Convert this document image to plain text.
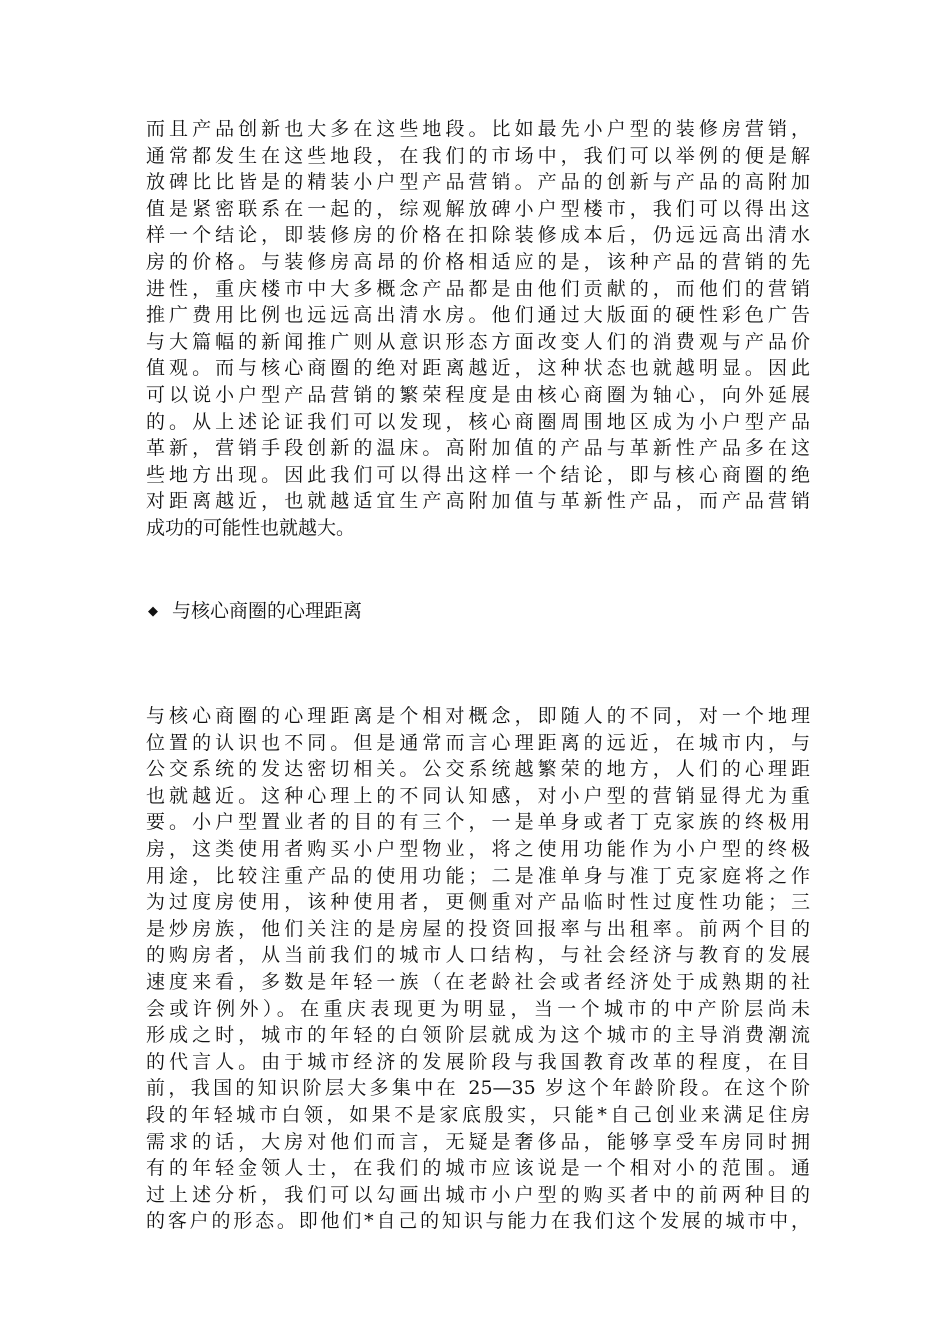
而且产品创新也大多在这些地段。比如最先小户型的装修房营销，
通常都发生在这些地段，在我们的市场中，我们可以举例的便是解
放碑比比皆是的精装小户型产品营销。产品的创新与产品的高附加
值是紧密联系在一起的，综观解放碑小户型楼市，我们可以得出这
样一个结论，即装修房的价格在扣除装修成本后，仍远远高出清水
房的价格。与装修房高昂的价格相适应的是，该种产品的营销的先
进性，重庆楼市中大多概念产品都是由他们贡献的，而他们的营销
推广费用比例也远远高出清水房。他们通过大版面的硬性彩色广告
与大篇幅的新闻推广则从意识形态方面改变人们的消费观与产品价
值观。而与核心商圈的绝对距离越近，这种状态也就越明显。因此
可以说小户型产品营销的繁荣程度是由核心商圈为轴心，向外延展
的。从上述论证我们可以发现，核心商圈周围地区成为小户型产品
革新，营销手段创新的温床。高附加值的产品与革新性产品多在这
些地方出现。因此我们可以得出这样一个结论，即与核心商圈的绝
对距离越近，也就越适宜生产高附加值与革新性产品，而产品营销
成功的可能性也就越大。
◆ 与核心商圈的心理距离
与核心商圈的心理距离是个相对概念，即随人的不同，对一个地理
位置的认识也不同。但是通常而言心理距离的远近，在城市内，与
公交系统的发达密切相关。公交系统越繁荣的地方，人们的心理距
也就越近。这种心理上的不同认知感，对小户型的营销显得尤为重
要。小户型置业者的目的有三个，一是单身或者丁克家族的终极用
房，这类使用者购买小户型物业，将之使用功能作为小户型的终极
用途，比较注重产品的使用功能；二是准单身与准丁克家庭将之作
为过度房使用，该种使用者，更侧重对产品临时性过度性功能；三
是炒房族，他们关注的是房屋的投资回报率与出租率。前两个目的
的购房者，从当前我们的城市人口结构，与社会经济与教育的发展
速度来看，多数是年轻一族（在老龄社会或者经济处于成熟期的社
会或许例外）。在重庆表现更为明显，当一个城市的中产阶层尚未
形成之时，城市的年轻的白领阶层就成为这个城市的主导消费潮流
的代言人。由于城市经济的发展阶段与我国教育改革的程度，在目
前，我国的知识阶层大多集中在 25—35 岁这个年龄阶段。在这个阶
段的年轻城市白领，如果不是家底殷实，只能*自己创业来满足住房
需求的话，大房对他们而言，无疑是奢侈品，能够享受车房同时拥
有的年轻金领人士，在我们的城市应该说是一个相对小的范围。通
过上述分析，我们可以勾画出城市小户型的购买者中的前两种目的
的客户的形态。即他们*自己的知识与能力在我们这个发展的城市中，
